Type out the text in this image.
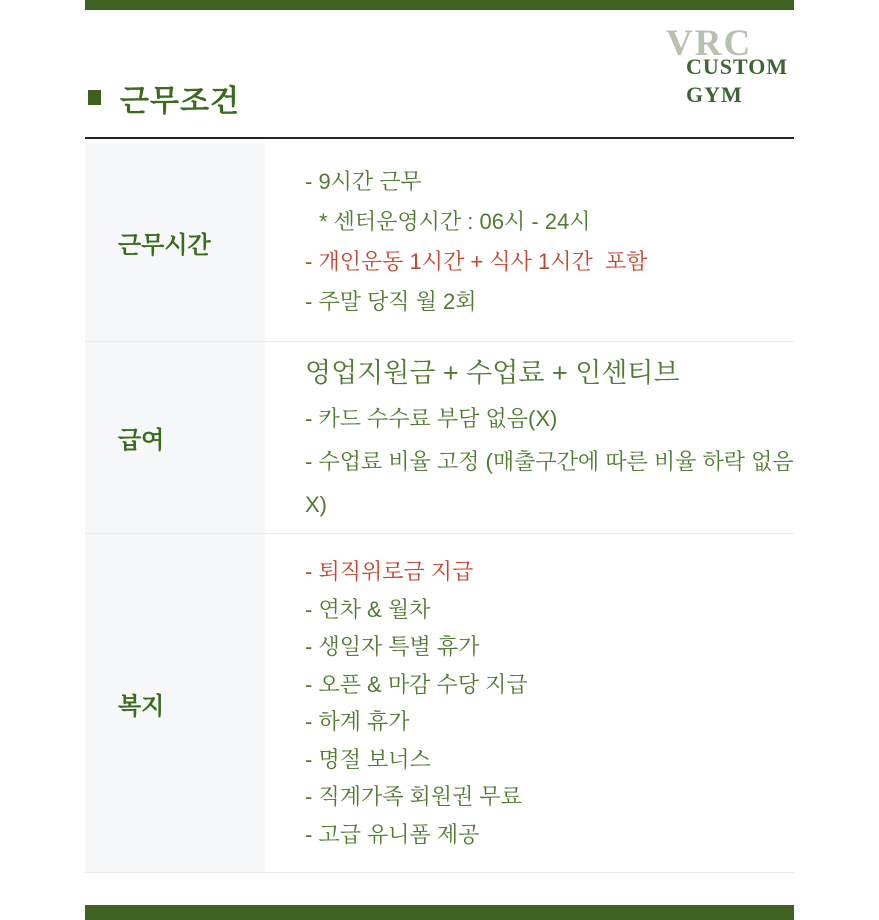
VRC
CUSTOM
GYM
근무조건
근무시간
- 9시간 근무
* 센터운영시간 : 06시 - 24시
- 개인운동 1시간 + 식사 1시간  포함
- 주말 당직 월 2회
급여
영업지원금 + 수업료 + 인센티브
- 카드 수수료 부담 없음(X)
- 수업료 비율 고정 (매출구간에 따른 비율 하락 없음 X)
복지
- 퇴직위로금 지급
- 연차 & 월차
- 생일자 특별 휴가
- 오픈 & 마감 수당 지급
- 하계 휴가
- 명절 보너스
- 직계가족 회원권 무료
- 고급 유니폼 제공
